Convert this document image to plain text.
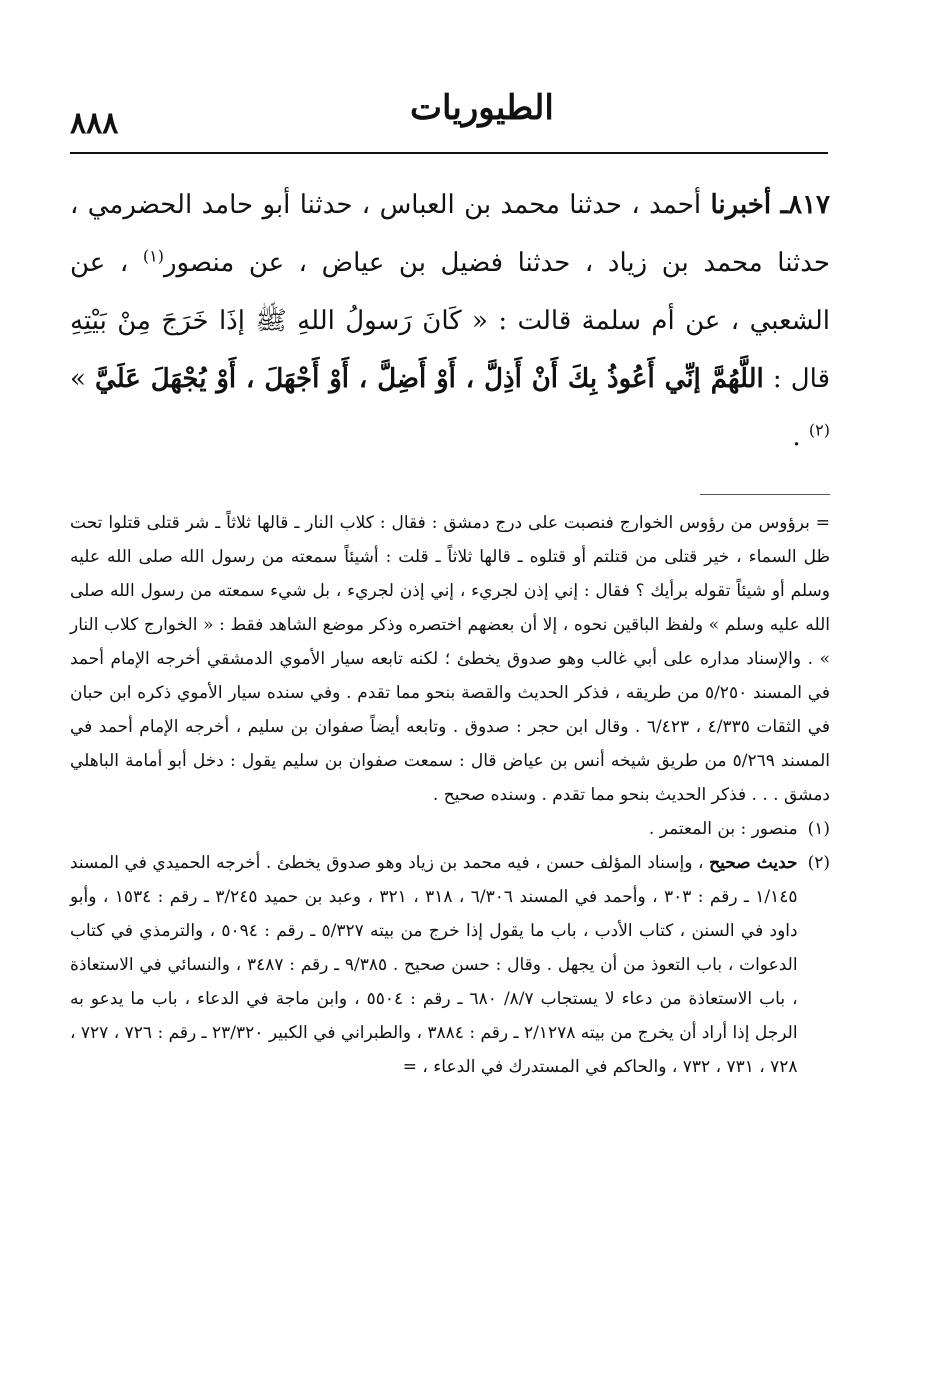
الطيوريات
٨٨٨
٨١٧ـ أخبرنا أحمد ، حدثنا محمد بن العباس ، حدثنا أبو حامد الحضرمي ، حدثنا محمد بن زياد ، حدثنا فضيل بن عياض ، عن منصور$^{(١)}$ ، عن الشعبي ، عن أم سلمة قالت : « كَانَ رَسولُ اللهِ ﷺ إذَا خَرَجَ مِنْ بَيْتِهِ قال : اللَّهُمَّ إنِّي أَعُوذُ بِكَ أَنْ أَذِلَّ ، أَوْ أَضِلَّ ، أَوْ أَجْهَلَ ، أَوْ يُجْهَلَ عَلَيَّ » $^{(٢)}$ .

= برؤوس من رؤوس الخوارج فنصبت على درج دمشق : فقال : كلاب النار ـ قالها ثلاثاً ـ شر قتلى قتلوا تحت ظل السماء ، خير قتلى من قتلتم أو قتلوه ـ قالها ثلاثاً ـ قلت : أشيئاً سمعته من رسول الله صلى الله عليه وسلم أو شيئاً تقوله برأيك ؟ فقال : إني إذن لجريء ، إني إذن لجريء ، بل شيء سمعته من رسول الله صلى الله عليه وسلم » ولفظ الباقين نحوه ، إلا أن بعضهم اختصره وذكر موضع الشاهد فقط : « الخوارج كلاب النار » . والإسناد مداره على أبي غالب وهو صدوق يخطئ ؛ لكنه تابعه سيار الأموي الدمشقي أخرجه الإمام أحمد في المسند ٥/٢٥٠ من طريقه ، فذكر الحديث والقصة بنحو مما تقدم . وفي سنده سيار الأموي ذكره ابن حبان في الثقات ٤/٣٣٥ ، ٦/٤٢٣ . وقال ابن حجر : صدوق . وتابعه أيضاً صفوان بن سليم ، أخرجه الإمام أحمد في المسند ٥/٢٦٩ من طريق شيخه أنس بن عياض قال : سمعت صفوان بن سليم يقول : دخل أبو أمامة الباهلي دمشق . . . فذكر الحديث بنحو مما تقدم . وسنده صحيح .

(١)
منصور : بن المعتمر .
(٢)
حديث صحيح ، وإسناد المؤلف حسن ، فيه محمد بن زياد وهو صدوق يخطئ . أخرجه الحميدي في المسند ١/١٤٥ ـ رقم : ٣٠٣ ، وأحمد في المسند ٦/٣٠٦ ، ٣١٨ ، ٣٢١ ، وعبد بن حميد ٣/٢٤٥ ـ رقم : ١٥٣٤ ، وأبو داود في السنن ، كتاب الأدب ، باب ما يقول إذا خرج من بيته ٥/٣٢٧ ـ رقم : ٥٠٩٤ ، والترمذي في كتاب الدعوات ، باب التعوذ من أن يجهل . وقال : حسن صحيح . ٩/٣٨٥ ـ رقم : ٣٤٨٧ ، والنسائي في الاستعاذة ، باب الاستعاذة من دعاء لا يستجاب ٨/٧/ ٦٨٠ ـ رقم : ٥٥٠٤ ، وابن ماجة في الدعاء ، باب ما يدعو به الرجل إذا أراد أن يخرج من بيته ٢/١٢٧٨ ـ رقم : ٣٨٨٤ ، والطبراني في الكبير ٢٣/٣٢٠ ـ رقم : ٧٢٦ ، ٧٢٧ ، ٧٢٨ ، ٧٣١ ، ٧٣٢ ، والحاكم في المستدرك في الدعاء ، =
